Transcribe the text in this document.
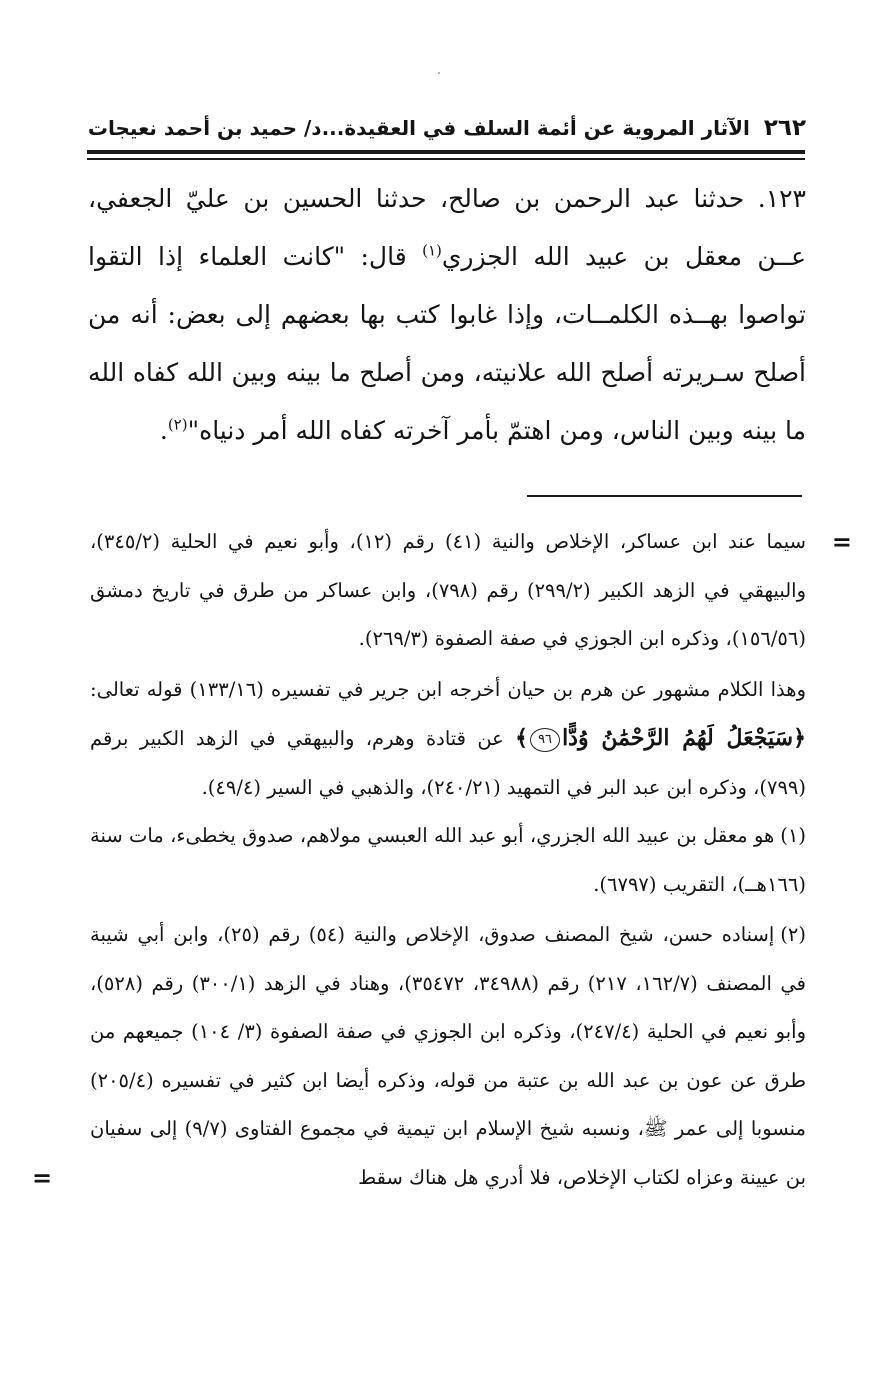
٢٦٢
الآثار المروية عن أئمة السلف في العقيدة...د/ حميد بن أحمد نعيجات

١٢٣. حدثنا عبد الرحمن بن صالح، حدثنا الحسين بن عليّ الجعفي، عــن معقل بن عبيد الله الجزري$^{(١)}$ قال: "كانت العلماء إذا التقوا تواصوا بهــذه الكلمــات، وإذا غابوا كتب بها بعضهم إلى بعض: أنه من أصلح سـريرته أصلح الله علانيته، ومن أصلح ما بينه وبين الله كفاه الله ما بينه وبين الناس، ومن اهتمّ بأمر آخرته كفاه الله أمر دنياه"$^{(٢)}$.

=
سيما عند ابن عساكر، الإخلاص والنية (٤١) رقم (١٢)، وأبو نعيم في الحلية (٣٤٥/٢)، والبيهقي في الزهد الكبير (٢٩٩/٢) رقم (٧٩٨)، وابن عساكر من طرق في تاريخ دمشق (١٥٦/٥٦)، وذكره ابن الجوزي في صفة الصفوة (٢٦٩/٣).

وهذا الكلام مشهور عن هرم بن حيان أخرجه ابن جرير في تفسيره (١٣٣/١٦) قوله تعالى: ﴿سَيَجْعَلُ لَهُمُ الرَّحْمَٰنُ وُدًّا٩٦﴾ عن قتادة وهرم، والبيهقي في الزهد الكبير برقم (٧٩٩)، وذكره ابن عبد البر في التمهيد (٢٤٠/٢١)، والذهبي في السير (٤٩/٤).

(١)هو معقل بن عبيد الله الجزري، أبو عبد الله العبسي مولاهم، صدوق يخطىء، مات سنة (١٦٦هــ)، التقريب (٦٧٩٧).

(٢)إسناده حسن، شيخ المصنف صدوق، الإخلاص والنية (٥٤) رقم (٢٥)، وابن أبي شيبة في المصنف (١٦٢/٧، ٢١٧) رقم (٣٤٩٨٨، ٣٥٤٧٢)، وهناد في الزهد (٣٠٠/١) رقم (٥٢٨)، وأبو نعيم في الحلية (٢٤٧/٤)، وذكره ابن الجوزي في صفة الصفوة (٣/ ١٠٤) جميعهم من طرق عن عون بن عبد الله بن عتبة من قوله، وذكره أيضا ابن كثير في تفسيره (٢٠٥/٤) منسوبا إلى عمر ﷺ، ونسبه شيخ الإسلام ابن تيمية في مجموع الفتاوى (٩/٧) إلى سفيان بن عيينة وعزاه لكتاب الإخلاص، فلا أدري هل هناك سقط
=
